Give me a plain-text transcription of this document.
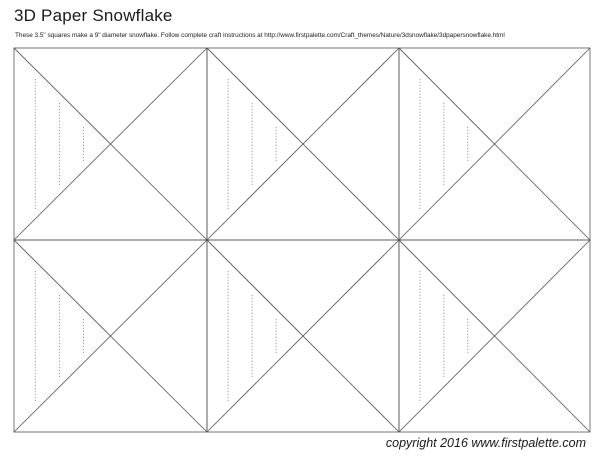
3D Paper Snowflake
These 3.5" squares make a 9" diameter snowflake. Follow complete craft instructions at http://www.firstpalette.com/Craft_themes/Nature/3dsnowflake/3dpapersnowflake.html
copyright 2016 www.firstpalette.com
